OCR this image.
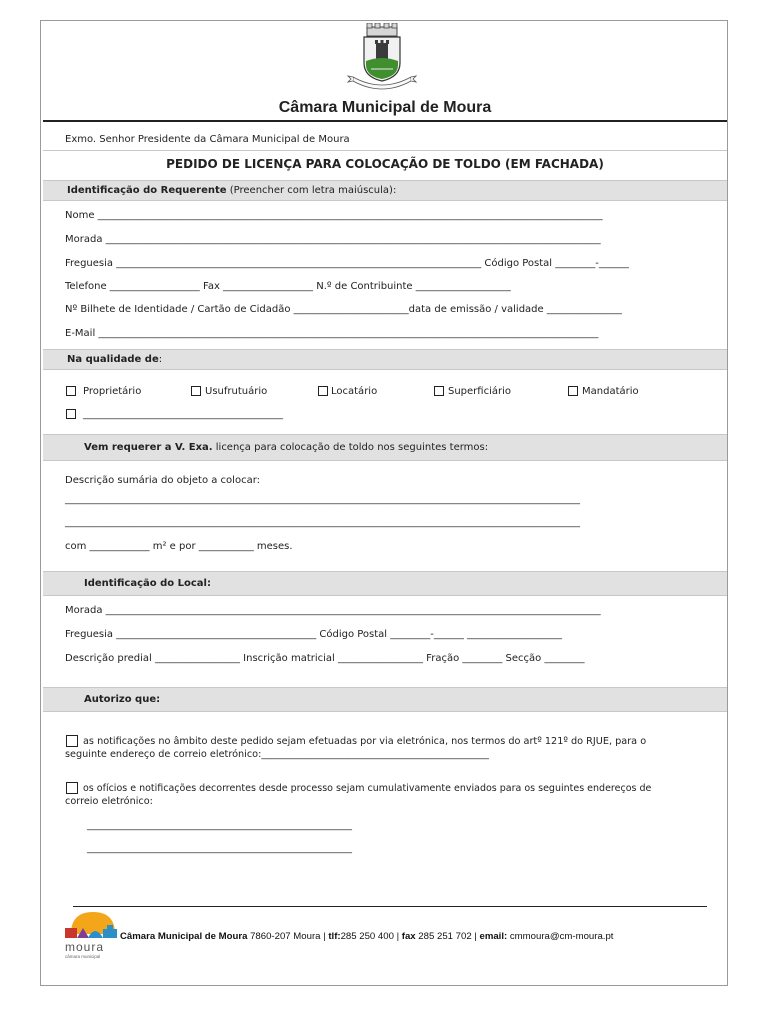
Câmara Municipal de Moura
Exmo. Senhor Presidente da Câmara Municipal de Moura
PEDIDO DE LICENÇA PARA COLOCAÇÃO DE TOLDO (EM FACHADA)
Identificação do Requerente (Preencher com letra maiúscula):
Nome _____________________________________________________________________________________________________
Morada ___________________________________________________________________________________________________
Freguesia _________________________________________________________________________ Código Postal ________-______
Telefone __________________ Fax __________________ N.º de Contribuinte ___________________
Nº Bilhete de Identidade / Cartão de Cidadão _______________________data de emissão / validade _______________
E-Mail ____________________________________________________________________________________________________
Na qualidade de:
Proprietário	Usufrutuário	Locatário	Superficiário	Mandatário
________________________________________
Vem requerer a V. Exa. licença para colocação de toldo nos seguintes termos:
Descrição sumária do objeto a colocar:
_______________________________________________________________________________________________________
_______________________________________________________________________________________________________
com ____________ m² e por ___________ meses.
Identificação do Local:
Morada ___________________________________________________________________________________________________
Freguesia ________________________________________ Código Postal ________-______ ___________________
Descrição predial _________________ Inscrição matricial _________________ Fração ________ Secção ________
Autorizo que:
as notificações no âmbito deste pedido sejam efetuadas por via eletrónica, nos termos do artº 121º do RJUE, para o
seguinte endereço de correio eletrónico:_______________________________________________
os ofícios e notificações decorrentes desde processo sejam cumulativamente enviados para os seguintes endereços de
correio eletrónico:
_____________________________________________________
_____________________________________________________
moura
câmara municipal
Câmara Municipal de Moura 7860-207 Moura | tlf:285 250 400 | fax 285 251 702 | email: cmmoura@cm-moura.pt
